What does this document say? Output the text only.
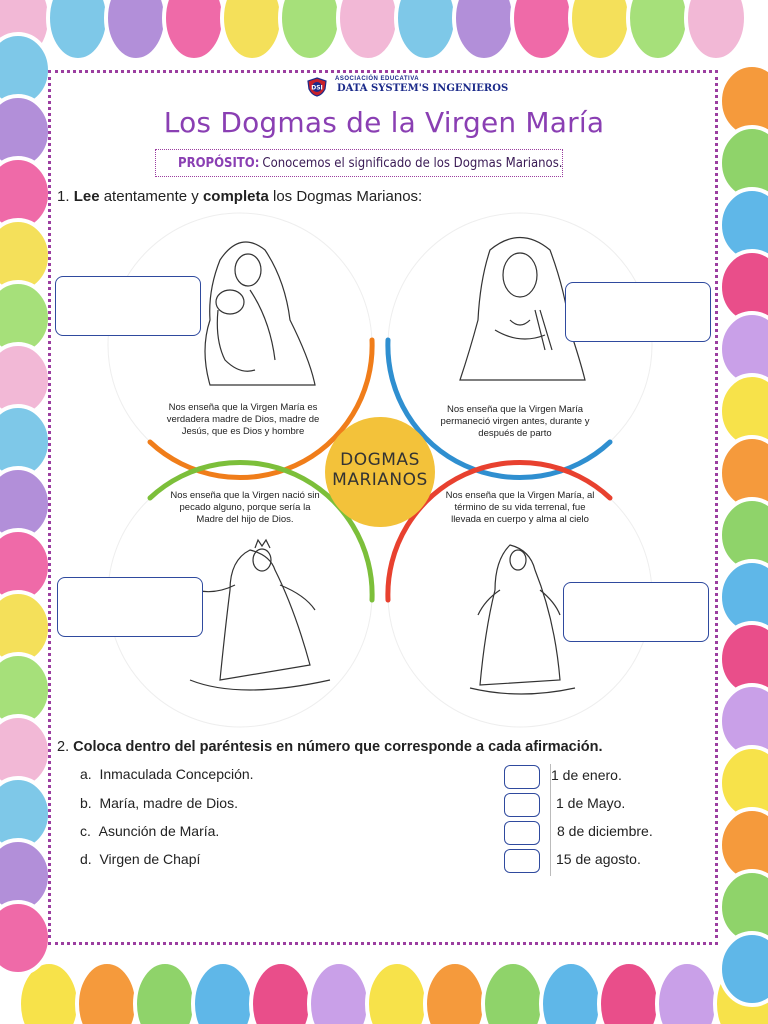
DSI
ASOCIACIÓN EDUCATIVA
DATA SYSTEM'S INGENIEROS
Los Dogmas de la Virgen María
PROPÓSITO: Conocemos el significado de los Dogmas Marianos.
1. Lee atentamente y completa los Dogmas Marianos:
Nos enseña que la Virgen María es verdadera madre de Dios, madre de Jesús, que es Dios y hombre
Nos enseña que la Virgen María permaneció virgen antes, durante y después de parto
Nos enseña que la Virgen nació sin pecado alguno, porque sería la Madre del hijo de Dios.
Nos enseña que la Virgen María, al término de su vida terrenal, fue llevada en cuerpo y alma al cielo
DOGMAS
MARIANOS
2. Coloca dentro del paréntesis en número que corresponde a cada afirmación.
a. Inmaculada Concepción.
b. María, madre de Dios.
c. Asunción de María.
d. Virgen de Chapí
1 de enero.
1 de Mayo.
8 de diciembre.
15 de agosto.
